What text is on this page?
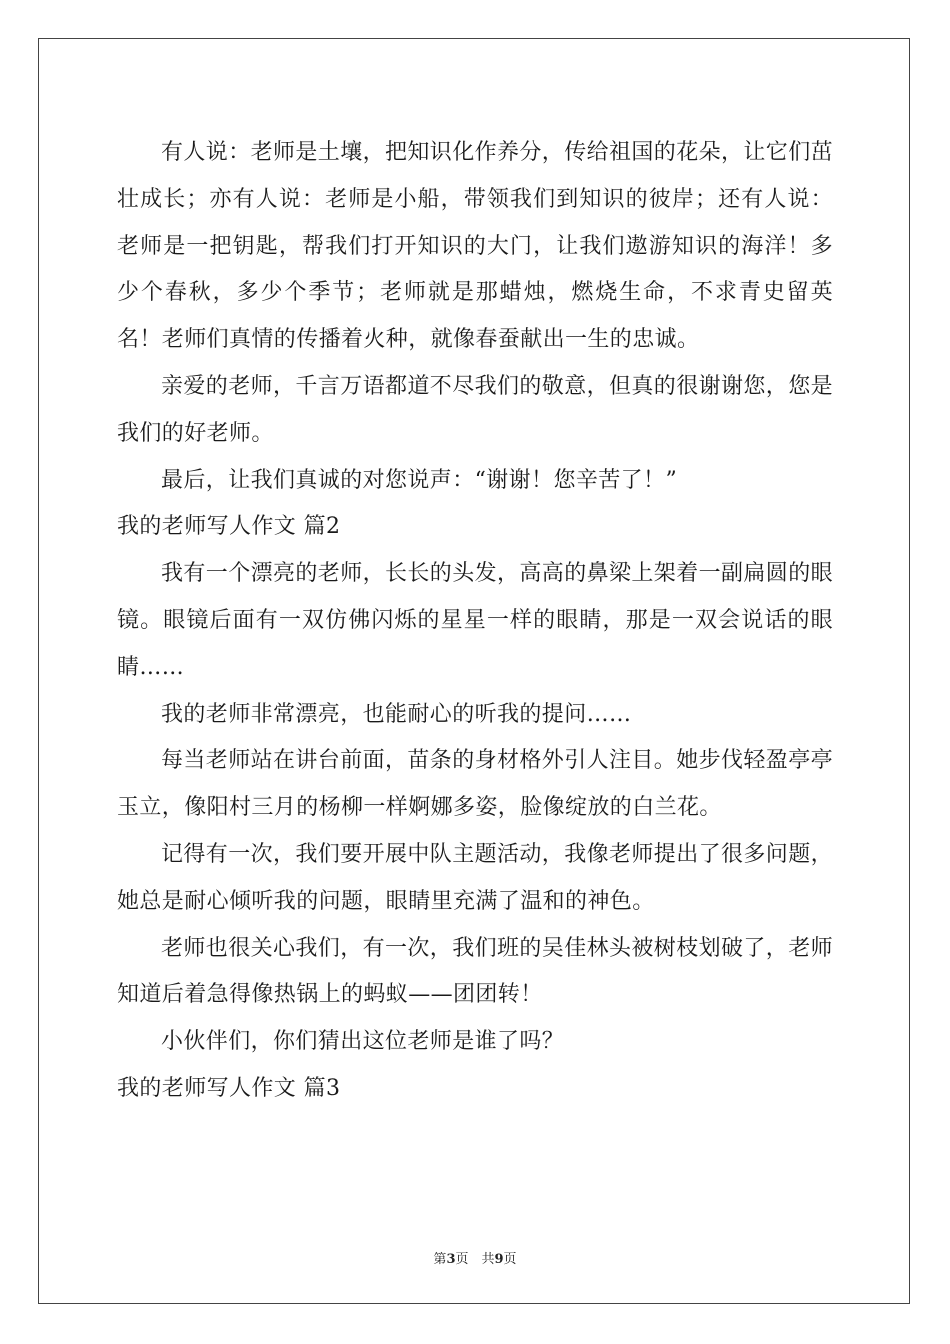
有人说：老师是土壤，把知识化作养分，传给祖国的花朵，让它们茁壮成长；亦有人说：老师是小船，带领我们到知识的彼岸；还有人说：老师是一把钥匙，帮我们打开知识的大门，让我们遨游知识的海洋！多少个春秋，多少个季节；老师就是那蜡烛，燃烧生命，不求青史留英名！老师们真情的传播着火种，就像春蚕献出一生的忠诚。

亲爱的老师，千言万语都道不尽我们的敬意，但真的很谢谢您，您是我们的好老师。

最后，让我们真诚的对您说声：“谢谢！您辛苦了！”

我的老师写人作文 篇2

我有一个漂亮的老师，长长的头发，高高的鼻梁上架着一副扁圆的眼镜。眼镜后面有一双仿佛闪烁的星星一样的眼睛，那是一双会说话的眼睛……

我的老师非常漂亮，也能耐心的听我的提问……

每当老师站在讲台前面，苗条的身材格外引人注目。她步伐轻盈亭亭玉立，像阳村三月的杨柳一样婀娜多姿，脸像绽放的白兰花。

记得有一次，我们要开展中队主题活动，我像老师提出了很多问题，她总是耐心倾听我的问题，眼睛里充满了温和的神色。

老师也很关心我们，有一次，我们班的吴佳林头被树枝划破了，老师知道后着急得像热锅上的蚂蚁——团团转！

小伙伴们，你们猜出这位老师是谁了吗？

我的老师写人作文 篇3

第3页　共9页
